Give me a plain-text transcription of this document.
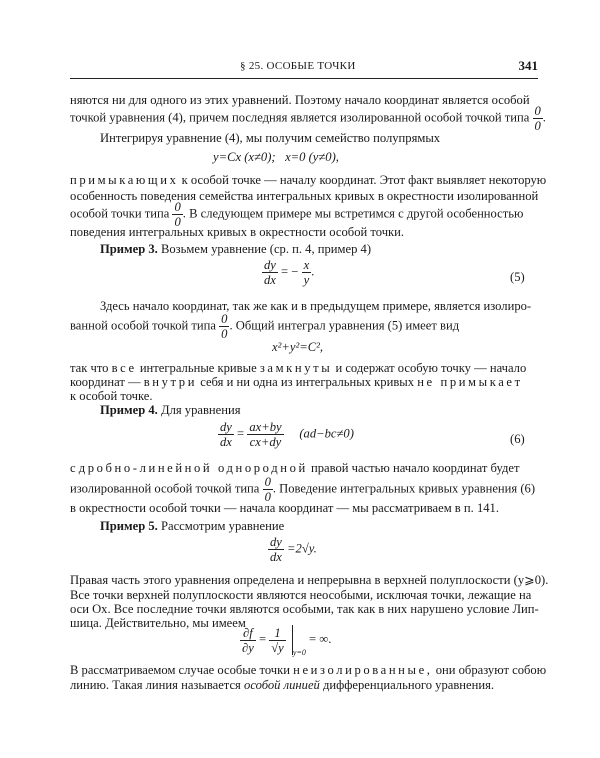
§ 25. ОСОБЫЕ ТОЧКИ	341
няются ни для одного из этих уравнений. Поэтому начало координат является особой
точкой уравнения (4), причем последняя является изолированной особой точкой типа $\frac{0}{0}$ .
Интегрируя уравнение (4), мы получим семейство полупрямых
y=Cx (x≠0); x=0 (y≠0),
примыкающих к особой точке — началу координат. Этот факт выявляет некоторую
особенность поведения семейства интегральных кривых в окрестности изолированной
особой точки типа $\frac{0}{0}$ . В следующем примере мы встретимся с другой особенностью
поведения интегральных кривых в окрестности особой точки.
Пример 3. Возьмем уравнение (ср. п. 4, пример 4)
$\frac{dy}{dx}$ = − $\frac{x}{y}$ .	(5)
Здесь начало координат, так же как и в предыдущем примере, является изолиро-
ванной особой точкой типа $\frac{0}{0}$ . Общий интеграл уравнения (5) имеет вид
x²+y²=C²,
так что все интегральные кривые замкнуты и содержат особую точку — начало
координат — внутри себя и ни одна из интегральных кривых не примыкает
к особой точке.
Пример 4. Для уравнения
$\frac{dy}{dx} = \frac{ax+by}{cx+dy} (ad-bc\ne 0)$	(6)
с дробно-линейной однородной правой частью начало координат будет
изолированной особой точкой типа $\frac{0}{0}$ . Поведение интегральных кривых уравнения (6)
в окрестности особой точки — начала координат — мы рассматриваем в п. 141.
Пример 5. Рассмотрим уравнение
$\frac{dy}{dx} =2√y$.
Правая часть этого уравнения определена и непрерывна в верхней полуплоскости (y⩾0).
Все точки верхней полуплоскости являются неособыми, исключая точки, лежащие на
оси Ox. Все последние точки являются особыми, так как в них нарушено условие Лип-
шица. Действительно, мы имеем
$\frac{\partial f}{\partial y} = \frac{1}{√y} _{y=0}$ = ∞.
В рассматриваемом случае особые точки неизолированные, они образуют собою
линию. Такая линия называется особой линией дифференциального уравнения.
